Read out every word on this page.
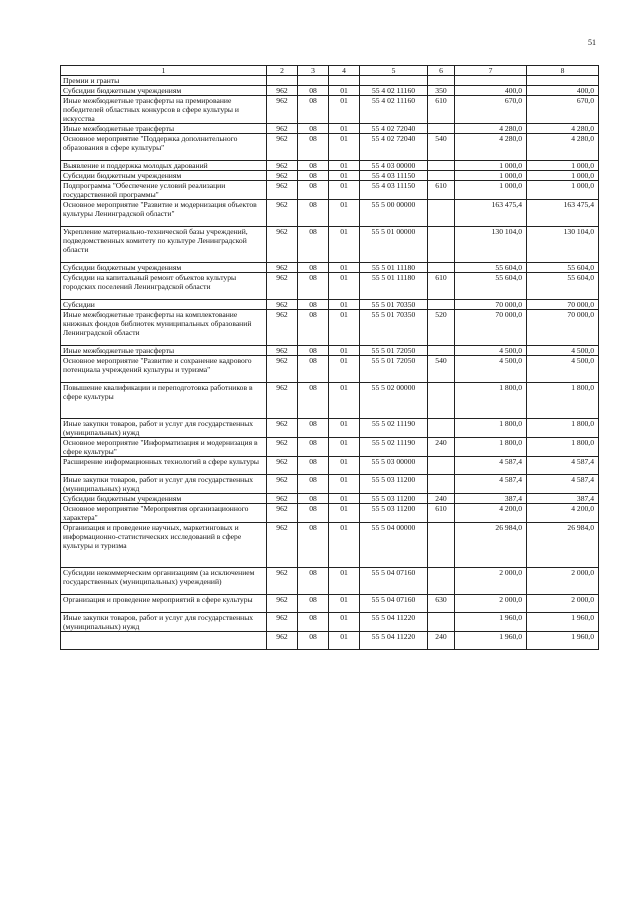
51
1	2	3	4	5	6	7	8
Премии и гранты							
Субсидии бюджетным учреждениям	962	08	01	55 4 02 11160	350	400,0	400,0
Иные межбюджетные трансферты на премирование победителей областных конкурсов в сфере культуры и искусства	962	08	01	55 4 02 11160	610	670,0	670,0
Иные межбюджетные трансферты	962	08	01	55 4 02 72040		4 280,0	4 280,0
Основное мероприятие "Поддержка дополнительного образования в сфере культуры"	962	08	01	55 4 02 72040	540	4 280,0	4 280,0
Выявление и поддержка молодых дарований	962	08	01	55 4 03 00000		1 000,0	1 000,0
Субсидии бюджетным учреждениям	962	08	01	55 4 03 11150		1 000,0	1 000,0
Подпрограмма "Обеспечение условий реализации государственной программы"	962	08	01	55 4 03 11150	610	1 000,0	1 000,0
Основное мероприятие "Развитие и модернизация объектов культуры Ленинградской области"	962	08	01	55 5 00 00000		163 475,4	163 475,4
Укрепление материально-технической базы учреждений, подведомственных комитету по культуре Ленинградской области	962	08	01	55 5 01 00000		130 104,0	130 104,0
Субсидии бюджетным учреждениям	962	08	01	55 5 01 11180		55 604,0	55 604,0
Субсидии на капитальный ремонт объектов культуры городских поселений Ленинградской области	962	08	01	55 5 01 11180	610	55 604,0	55 604,0
Субсидии	962	08	01	55 5 01 70350		70 000,0	70 000,0
Иные межбюджетные трансферты на комплектование книжных фондов библиотек муниципальных образований Ленинградской области	962	08	01	55 5 01 70350	520	70 000,0	70 000,0
Иные межбюджетные трансферты	962	08	01	55 5 01 72050		4 500,0	4 500,0
Основное мероприятие "Развитие и сохранение кадрового потенциала учреждений культуры и туризма"	962	08	01	55 5 01 72050	540	4 500,0	4 500,0
Повышение квалификации и переподготовка работников в сфере культуры	962	08	01	55 5 02 00000		1 800,0	1 800,0
Иные закупки товаров, работ и услуг для государственных (муниципальных) нужд	962	08	01	55 5 02 11190		1 800,0	1 800,0
Основное мероприятие "Информатизация и модернизация в сфере культуры"	962	08	01	55 5 02 11190	240	1 800,0	1 800,0
Расширение информационных технологий в сфере культуры	962	08	01	55 5 03 00000		4 587,4	4 587,4
Иные закупки товаров, работ и услуг для государственных (муниципальных) нужд	962	08	01	55 5 03 11200		4 587,4	4 587,4
Субсидии бюджетным учреждениям	962	08	01	55 5 03 11200	240	387,4	387,4
Основное мероприятие "Мероприятия организационного характера"	962	08	01	55 5 03 11200	610	4 200,0	4 200,0
Организация и проведение научных, маркетинговых и информационно-статистических исследований в сфере культуры и туризма	962	08	01	55 5 04 00000		26 984,0	26 984,0
Субсидии некоммерческим организациям (за исключением государственных (муниципальных) учреждений)	962	08	01	55 5 04 07160		2 000,0	2 000,0
Организация и проведение мероприятий в сфере культуры	962	08	01	55 5 04 07160	630	2 000,0	2 000,0
Иные закупки товаров, работ и услуг для государственных (муниципальных) нужд	962	08	01	55 5 04 11220		1 960,0	1 960,0
	962	08	01	55 5 04 11220	240	1 960,0	1 960,0
